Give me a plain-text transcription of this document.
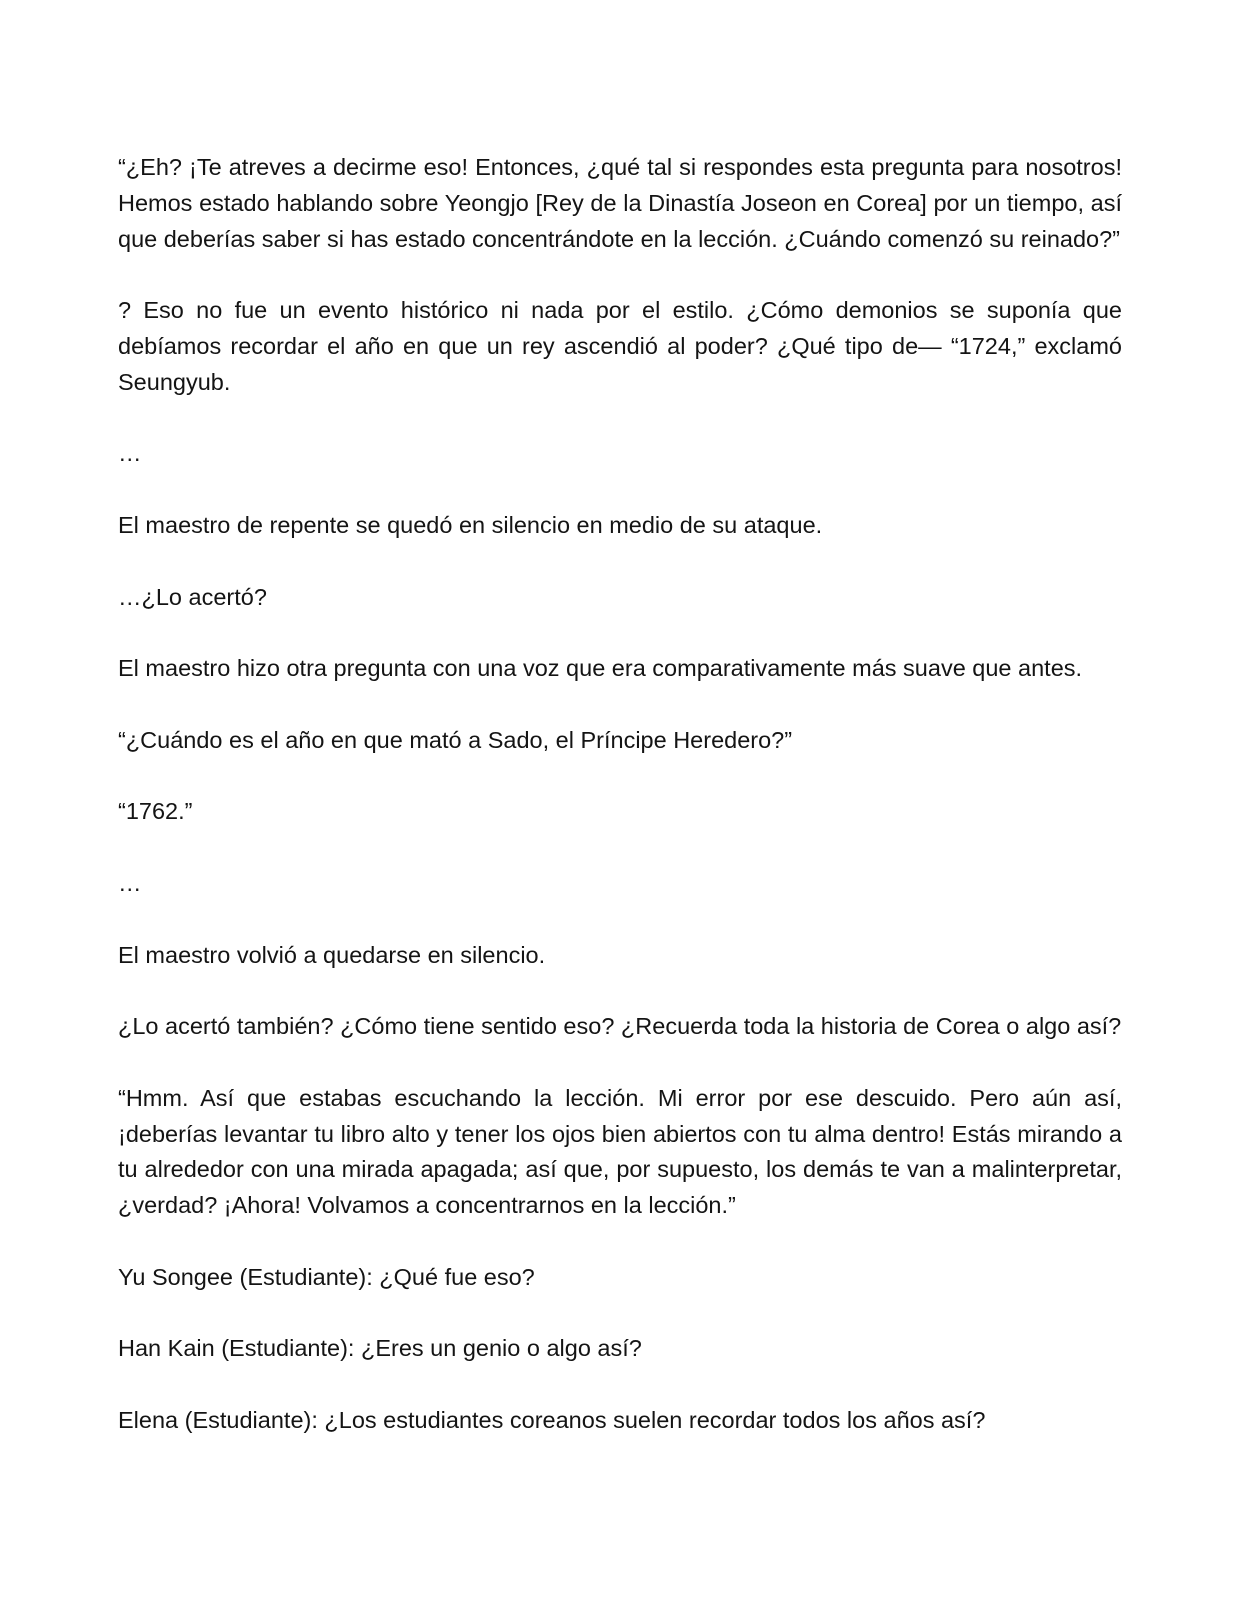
“¿Eh? ¡Te atreves a decirme eso! Entonces, ¿qué tal si respondes esta pregunta para nosotros! Hemos estado hablando sobre Yeongjo [Rey de la Dinastía Joseon en Corea] por un tiempo, así que deberías saber si has estado concentrándote en la lección. ¿Cuándo comenzó su reinado?”

? Eso no fue un evento histórico ni nada por el estilo. ¿Cómo demonios se suponía que debíamos recordar el año en que un rey ascendió al poder? ¿Qué tipo de— “1724,” exclamó Seungyub.

…

El maestro de repente se quedó en silencio en medio de su ataque.

…¿Lo acertó?

El maestro hizo otra pregunta con una voz que era comparativamente más suave que antes.

“¿Cuándo es el año en que mató a Sado, el Príncipe Heredero?”

“1762.”

…

El maestro volvió a quedarse en silencio.

¿Lo acertó también? ¿Cómo tiene sentido eso? ¿Recuerda toda la historia de Corea o algo así?

“Hmm. Así que estabas escuchando la lección. Mi error por ese descuido. Pero aún así, ¡deberías levantar tu libro alto y tener los ojos bien abiertos con tu alma dentro! Estás mirando a tu alrededor con una mirada apagada; así que, por supuesto, los demás te van a malinterpretar, ¿verdad? ¡Ahora! Volvamos a concentrarnos en la lección.”

Yu Songee (Estudiante): ¿Qué fue eso?

Han Kain (Estudiante): ¿Eres un genio o algo así?

Elena (Estudiante): ¿Los estudiantes coreanos suelen recordar todos los años así?
